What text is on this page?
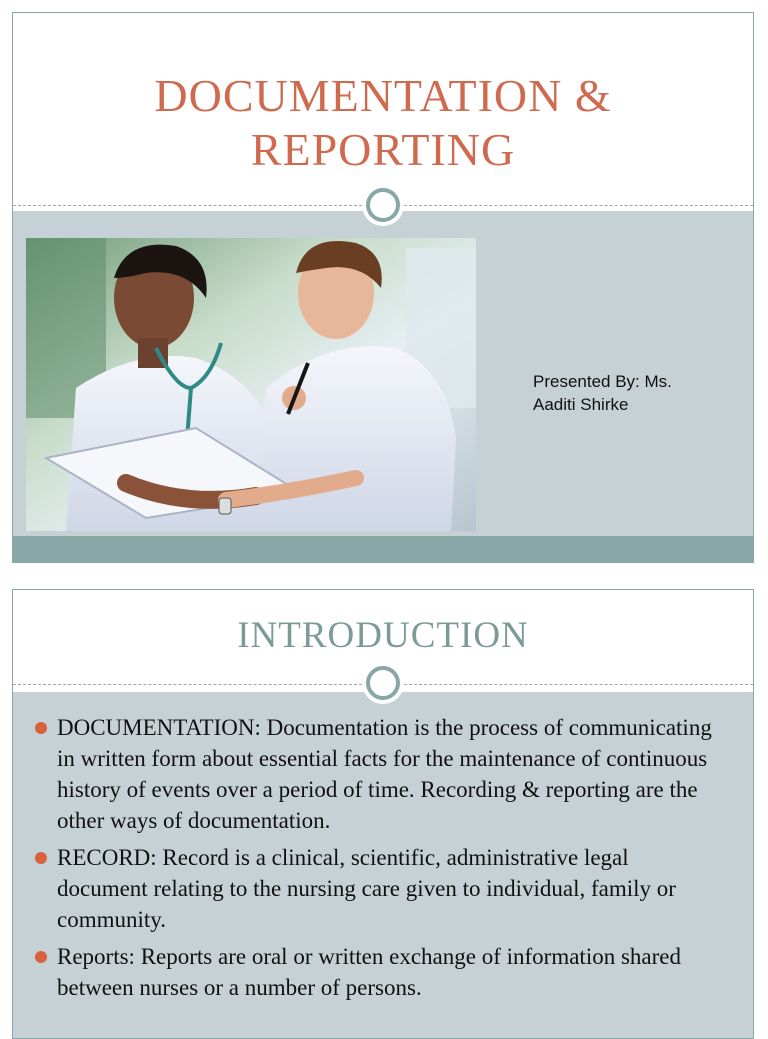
DOCUMENTATION &
REPORTING
Presented By: Ms.
Aaditi Shirke
INTRODUCTION
DOCUMENTATION: Documentation is the process of communicating in written form about essential facts for the maintenance of continuous history of events over a period of time. Recording & reporting are the other ways of documentation.
RECORD: Record is a clinical, scientific, administrative legal document relating to the nursing care given to individual, family or community.
Reports: Reports are oral or written exchange of information shared between nurses or a number of persons.
